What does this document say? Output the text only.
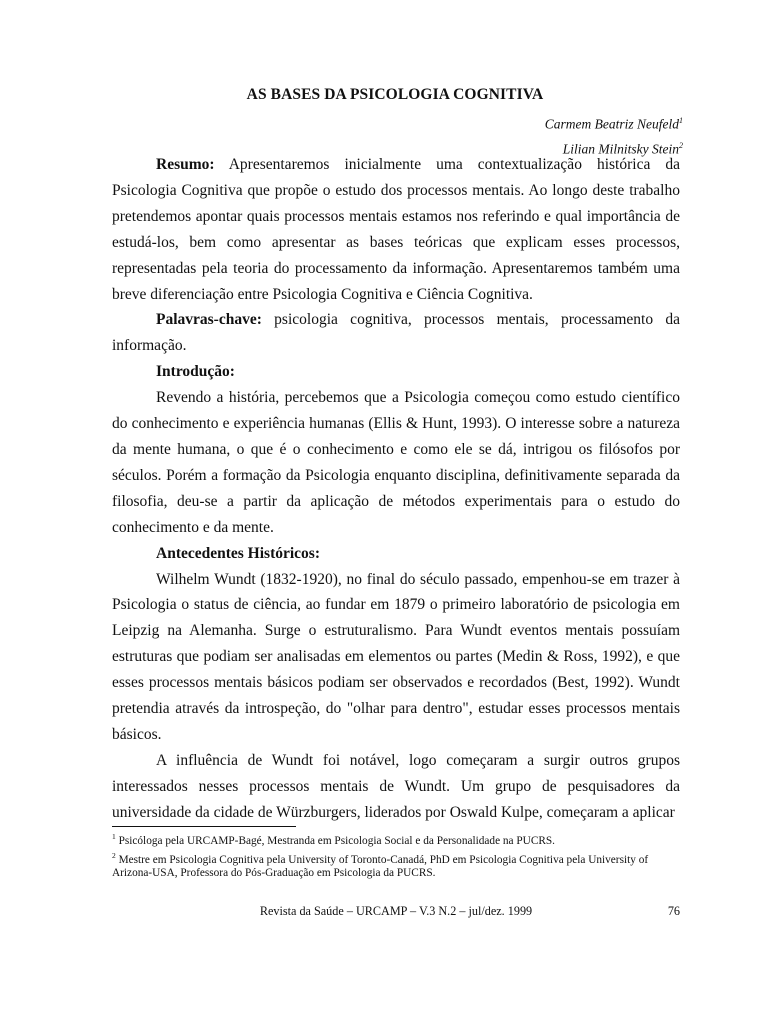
AS BASES DA PSICOLOGIA COGNITIVA
Carmem Beatriz Neufeld$^1$
Lilian Milnitsky Stein$^2$

Resumo: Apresentaremos inicialmente uma contextualização histórica da Psicologia Cognitiva que propõe o estudo dos processos mentais. Ao longo deste trabalho pretendemos apontar quais processos mentais estamos nos referindo e qual importância de estudá-los, bem como apresentar as bases teóricas que explicam esses processos, representadas pela teoria do processamento da informação. Apresentaremos também uma breve diferenciação entre Psicologia Cognitiva e Ciência Cognitiva.

Palavras-chave: psicologia cognitiva, processos mentais, processamento da informação.

Introdução:

Revendo a história, percebemos que a Psicologia começou como estudo científico do conhecimento e experiência humanas (Ellis & Hunt, 1993). O interesse sobre a natureza da mente humana, o que é o conhecimento e como ele se dá, intrigou os filósofos por séculos. Porém a formação da Psicologia enquanto disciplina, definitivamente separada da filosofia, deu-se a partir da aplicação de métodos experimentais para o estudo do conhecimento e da mente.

Antecedentes Históricos:

Wilhelm Wundt (1832-1920), no final do século passado, empenhou-se em trazer à Psicologia o status de ciência, ao fundar em 1879 o primeiro laboratório de psicologia em Leipzig na Alemanha. Surge o estruturalismo. Para Wundt eventos mentais possuíam estruturas que podiam ser analisadas em elementos ou partes (Medin & Ross, 1992), e que esses processos mentais básicos podiam ser observados e recordados (Best, 1992). Wundt pretendia através da introspeção, do "olhar para dentro", estudar esses processos mentais básicos.

A influência de Wundt foi notável, logo começaram a surgir outros grupos interessados nesses processos mentais de Wundt. Um grupo de pesquisadores da universidade da cidade de Würzburgers, liderados por Oswald Kulpe, começaram a aplicar

$^1$ Psicóloga pela URCAMP-Bagé, Mestranda em Psicologia Social e da Personalidade na PUCRS.

$^2$ Mestre em Psicologia Cognitiva pela University of Toronto-Canadá, PhD em Psicologia Cognitiva pela University of Arizona-USA, Professora do Pós-Graduação em Psicologia da PUCRS.

Revista da Saúde – URCAMP – V.3 N.2 – jul/dez. 1999	76
